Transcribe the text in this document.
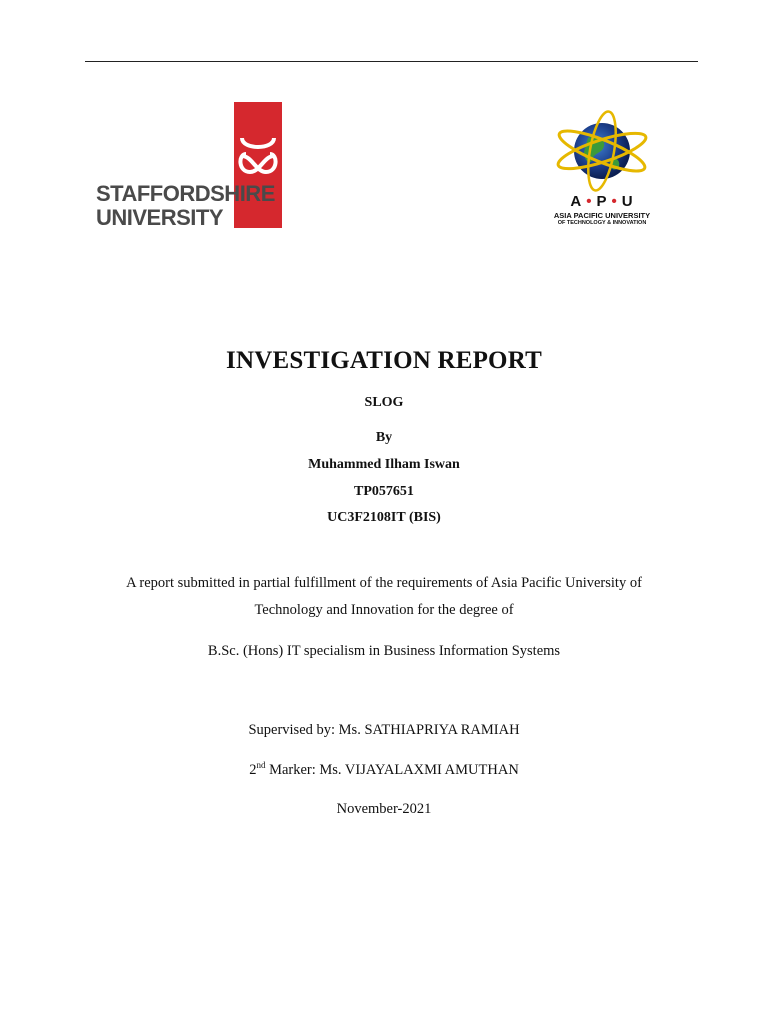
STAFFORDSHIRE
UNIVERSITY
A • P • U
ASIA PACIFIC UNIVERSITY
OF TECHNOLOGY & INNOVATION
INVESTIGATION REPORT
SLOG
By
Muhammed Ilham Iswan
TP057651
UC3F2108IT (BIS)
A report submitted in partial fulfillment of the requirements of Asia Pacific University of
Technology and Innovation for the degree of
B.Sc. (Hons) IT specialism in Business Information Systems
Supervised by: Ms. SATHIAPRIYA RAMIAH
2nd Marker: Ms. VIJAYALAXMI AMUTHAN
November-2021
